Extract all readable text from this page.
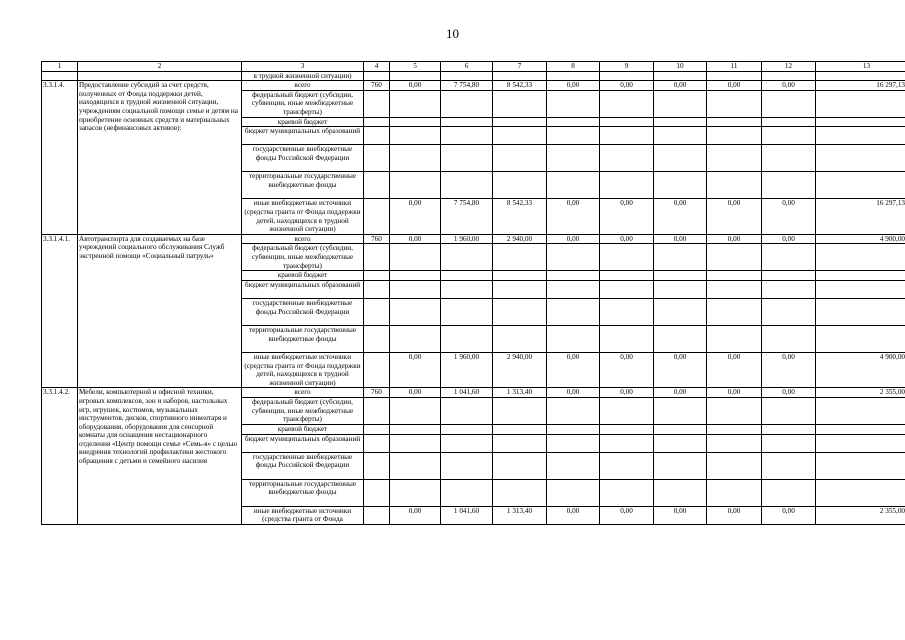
10
1	2	3	4	5	6	7	8	9	10	11	12	13
		в трудной жизненной ситуации)										
3.3.1.4.	Предоставление субсидий за счет средств, полученных от Фонда поддержки детей, находящихся в трудной жизненной ситуации, учреждениям социальной помощи семье и детям на приобретение основных средств и материальных запасов (нефинансовых активов):	всего	760	0,00	7 754,80	8 542,33	0,00	0,00	0,00	0,00	0,00	16 297,13
		федеральный бюджет (субсидии, субвенции, иные межбюджетные трансферты)										
		краевой бюджет										
		бюджет муниципальных образований										
		государственные внебюджетные фонды Российской Федерации										
		территориальные государственные внебюджетные фонды										
		иные внебюджетные источники (средства гранта от Фонда поддержки детей, находящихся в трудной жизненной ситуации)		0,00	7 754,80	8 542,33	0,00	0,00	0,00	0,00	0,00	16 297,13
3.3.1.4.1.	Автотранспорта для создаваемых на базе учреждений социального обслуживания Служб экстренной помощи «Социальный патруль»	всего	760	0,00	1 960,00	2 940,00	0,00	0,00	0,00	0,00	0,00	4 900,00
		федеральный бюджет (субсидии, субвенции, иные межбюджетные трансферты)										
		краевой бюджет										
		бюджет муниципальных образований										
		государственные внебюджетные фонды Российской Федерации										
		территориальные государственные внебюджетные фонды										
		иные внебюджетные источники (средства гранта от Фонда поддержки детей, находящихся в трудной жизненной ситуации)		0,00	1 960,00	2 940,00	0,00	0,00	0,00	0,00	0,00	4 900,00
3.3.1.4.2.	Мебели, компьютерной и офисной техники, игровых комплексов, зон и наборов, настольных игр, игрушек, костюмов, музыкальных инструментов, дисков, спортивного инвентаря и оборудования, оборудования для сенсорной комнаты для оснащения нестационарного отделения «Центр помощи семье «Семь-я» с целью внедрения технологий профилактики жестокого обращения с детьми и семейного насилия	всего	760	0,00	1 041,60	1 313,40	0,00	0,00	0,00	0,00	0,00	2 355,00
		федеральный бюджет (субсидии, субвенции, иные межбюджетные трансферты)										
		краевой бюджет										
		бюджет муниципальных образований										
		государственные внебюджетные фонды Российской Федерации										
		территориальные государственные внебюджетные фонды										
		иные внебюджетные источники (средства гранта от Фонда		0,00	1 041,60	1 313,40	0,00	0,00	0,00	0,00	0,00	2 355,00
